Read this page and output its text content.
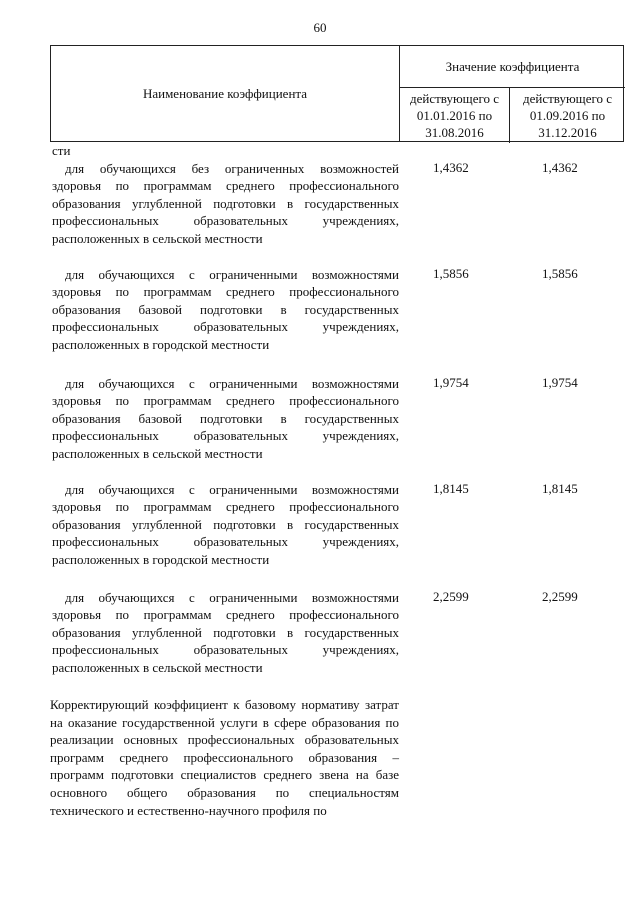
60
Наименование коэффициента
Значение коэффициента
действующего с 01.01.2016 по 31.08.2016
действующего с 01.09.2016 по 31.12.2016
сти
для обучающихся без ограниченных возможностей здоровья по программам среднего профессионального образования углубленной подготовки в государственных профессиональных образовательных учреждениях, расположенных в сельской местности
1,4362	1,4362
для обучающихся с ограниченными возможностями здоровья по программам среднего профессионального образования базовой подготовки в государственных профессиональных образовательных учреждениях, расположенных в городской местности
1,5856	1,5856
для обучающихся с ограниченными возможностями здоровья по программам среднего профессионального образования базовой подготовки в государственных профессиональных образовательных учреждениях, расположенных в сельской местности
1,9754	1,9754
для обучающихся с ограниченными возможностями здоровья по программам среднего профессионального образования углубленной подготовки в государственных профессиональных образовательных учреждениях, расположенных в городской местности
1,8145	1,8145
для обучающихся с ограниченными возможностями здоровья по программам среднего профессионального образования углубленной подготовки в государственных профессиональных образовательных учреждениях, расположенных в сельской местности
2,2599	2,2599
Корректирующий коэффициент к базовому нормативу затрат на оказание государственной услуги в сфере образования по реализации основных профессиональных образовательных программ среднего профессионального образования – программ подготовки специалистов среднего звена на базе основного общего образования по специальностям технического и естественно-научного профиля по
